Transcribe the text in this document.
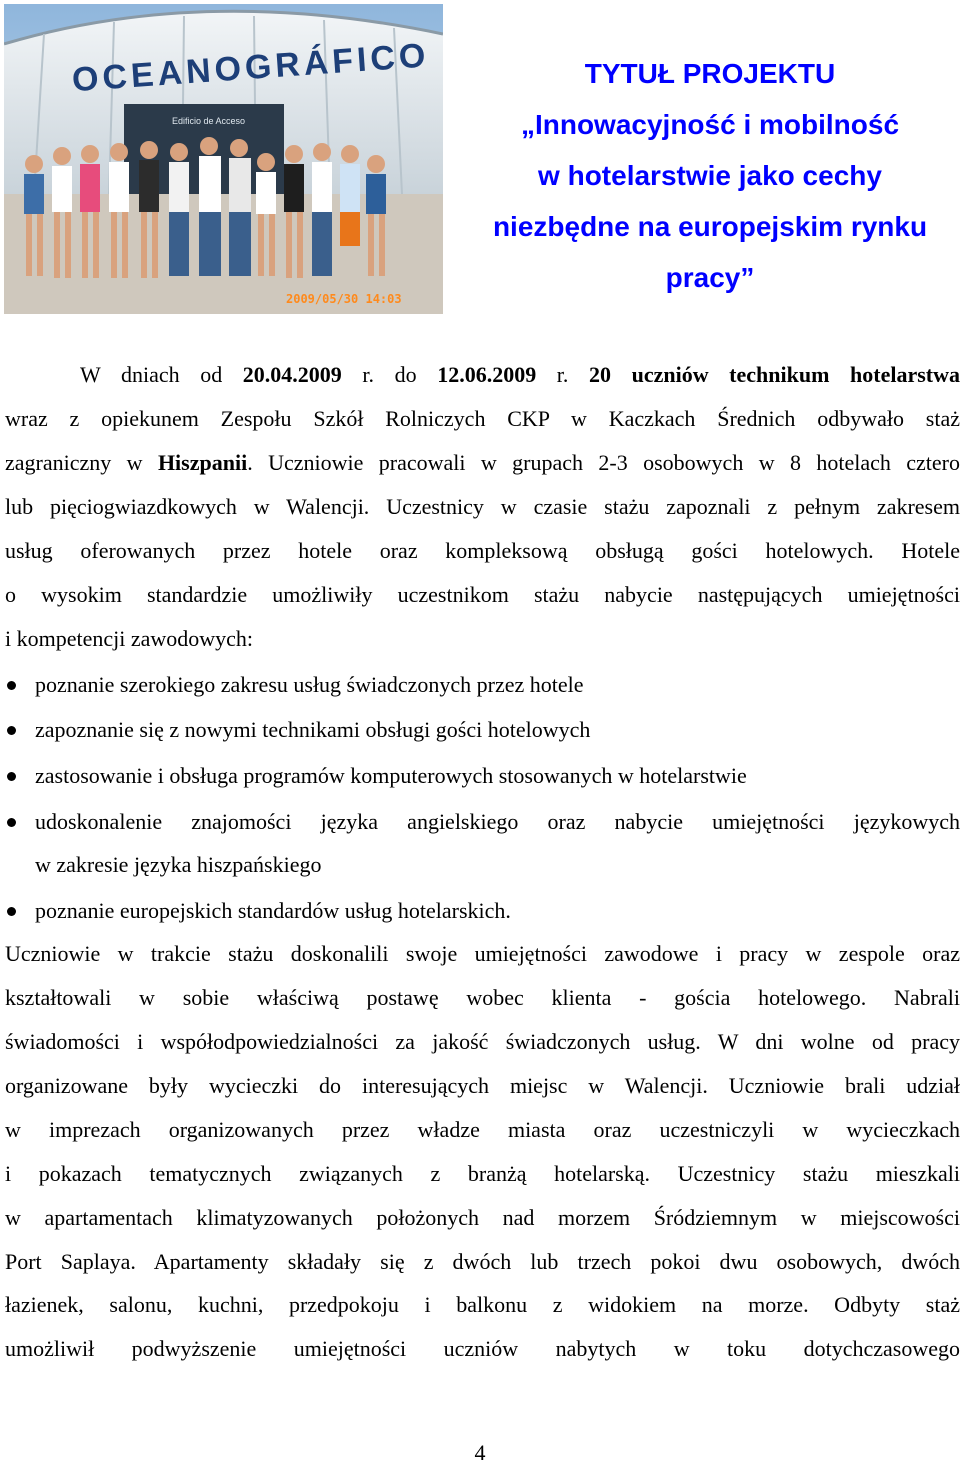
OCEANOGRÁFICO
Edificio de Acceso
2009/05/30 14:03
TYTUŁ PROJEKTU
„Innowacyjność i mobilność
w hotelarstwie jako cechy
niezbędne na europejskim rynku
pracy”
W dniach od 20.04.2009 r. do 12.06.2009 r. 20 uczniów technikum hotelarstwa
wraz z opiekunem Zespołu Szkół Rolniczych CKP w Kaczkach Średnich odbywało staż
zagraniczny w Hiszpanii. Uczniowie pracowali w grupach 2-3 osobowych w 8 hotelach cztero
lub pięciogwiazdkowych w Walencji. Uczestnicy w czasie stażu zapoznali z pełnym zakresem
usług oferowanych przez hotele oraz kompleksową obsługą gości hotelowych. Hotele
o wysokim standardzie umożliwiły uczestnikom stażu nabycie następujących umiejętności
i kompetencji zawodowych:
poznanie szerokiego zakresu usług świadczonych przez hotele
zapoznanie się z nowymi technikami obsługi gości hotelowych
zastosowanie i obsługa programów komputerowych stosowanych w hotelarstwie
udoskonalenie znajomości języka angielskiego oraz nabycie umiejętności językowych
w zakresie języka hiszpańskiego
poznanie europejskich standardów usług hotelarskich.
Uczniowie w trakcie stażu doskonalili swoje umiejętności zawodowe i pracy w zespole oraz
kształtowali w sobie właściwą postawę wobec klienta - gościa hotelowego. Nabrali
świadomości i współodpowiedzialności za jakość świadczonych usług. W dni wolne od pracy
organizowane były wycieczki do interesujących miejsc w Walencji. Uczniowie brali udział
w imprezach organizowanych przez władze miasta oraz uczestniczyli w wycieczkach
i pokazach tematycznych związanych z branżą hotelarską. Uczestnicy stażu mieszkali
w apartamentach klimatyzowanych położonych nad morzem Śródziemnym w miejscowości
Port Saplaya. Apartamenty składały się z dwóch lub trzech pokoi dwu osobowych, dwóch
łazienek, salonu, kuchni, przedpokoju i balkonu z widokiem na morze. Odbyty staż
umożliwił podwyższenie umiejętności uczniów nabytych w toku dotychczasowego
4
